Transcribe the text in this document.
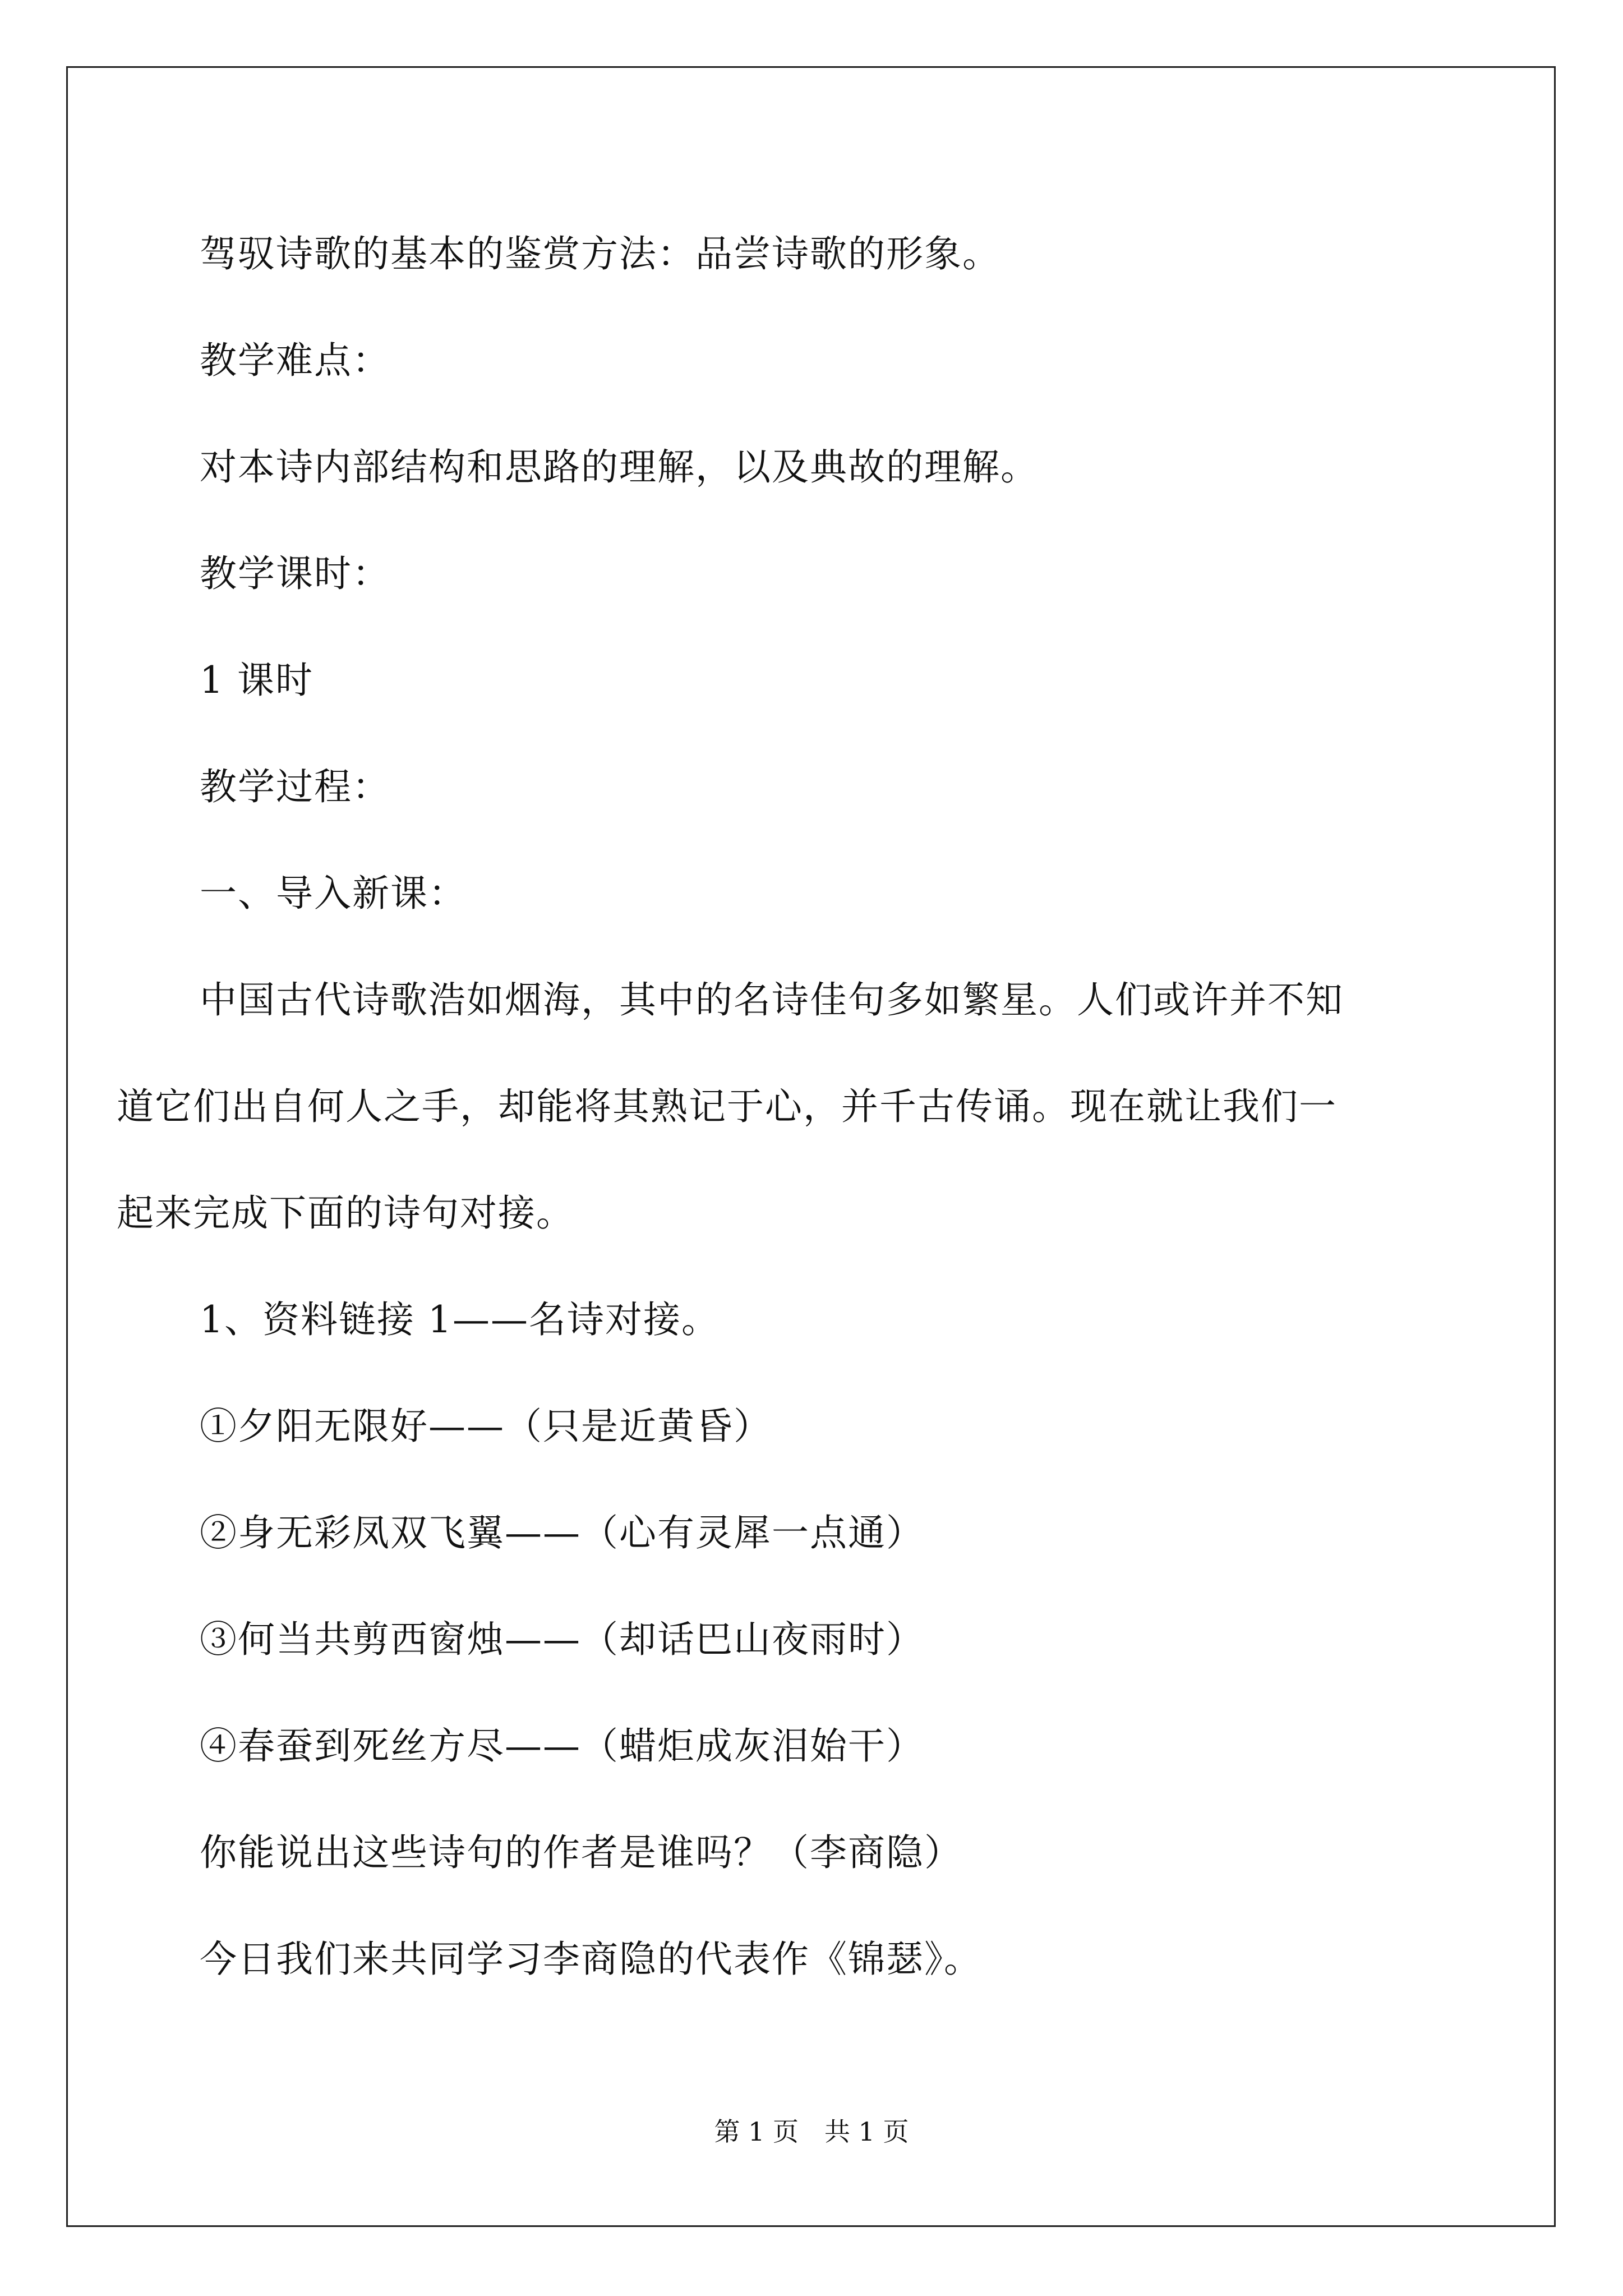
驾驭诗歌的基本的鉴赏方法：品尝诗歌的形象。
教学难点：
对本诗内部结构和思路的理解，以及典故的理解。
教学课时：
1 课时
教学过程：
一、导入新课：
中国古代诗歌浩如烟海，其中的名诗佳句多如繁星。人们或许并不知道它们出自何人之手，却能将其熟记于心，并千古传诵。现在就让我们一起来完成下面的诗句对接。
1、资料链接 1——名诗对接。
①夕阳无限好——（只是近黄昏）
②身无彩凤双飞翼——（心有灵犀一点通）
③何当共剪西窗烛——（却话巴山夜雨时）
④春蚕到死丝方尽——（蜡炬成灰泪始干）
你能说出这些诗句的作者是谁吗？（李商隐）
今日我们来共同学习李商隐的代表作《锦瑟》。
第 1 页　共 1 页
